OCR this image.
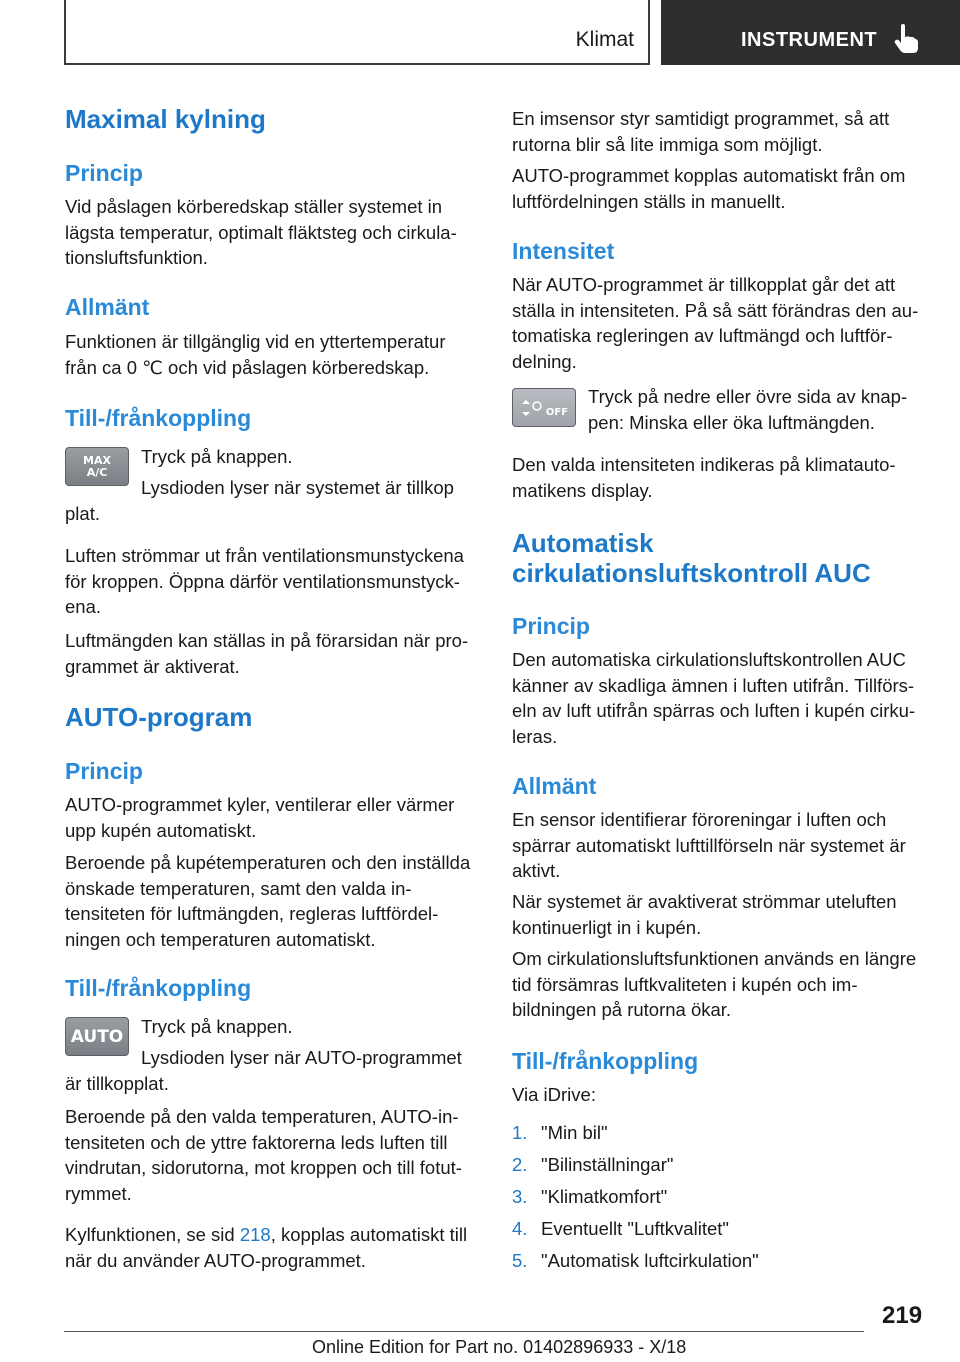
Klimat	INSTRUMENT
Maximal kylning
Princip
Vid påslagen körberedskap ställer systemet in lägsta temperatur, optimalt fläktsteg och cirkulationsluftsfunktion.
Allmänt
Funktionen är tillgänglig vid en yttertemperatur från ca 0 ℃ och vid påslagen körberedskap.
Till-/frånkoppling
MAX
A/C
Tryck på knappen.
Lysdioden lyser när systemet är tillkop
plat.
Luften strömmar ut från ventilationsmunstyckena för kroppen. Öppna därför ventilationsmunstyckena.
Luftmängden kan ställas in på förarsidan när programmet är aktiverat.
AUTO-program
Princip
AUTO-programmet kyler, ventilerar eller värmer upp kupén automatiskt.
Beroende på kupétemperaturen och den inställda önskade temperaturen, samt den valda intensiteten för luftmängden, regleras luftfördelningen och temperaturen automatiskt.
Till-/frånkoppling
AUTO Tryck på knappen.
Lysdioden lyser när AUTO-programmet
är tillkopplat.
Beroende på den valda temperaturen, AUTO-intensiteten och de yttre faktorerna leds luften till vindrutan, sidorutorna, mot kroppen och till fotutrymmet.
Kylfunktionen, se sid 218, kopplas automatiskt till när du använder AUTO-programmet.
En imsensor styr samtidigt programmet, så att rutorna blir så lite immiga som möjligt.
AUTO-programmet kopplas automatiskt från om luftfördelningen ställs in manuellt.
Intensitet
När AUTO-programmet är tillkopplat går det att ställa in intensiteten. På så sätt förändras den automatiska regleringen av luftmängd och luftfördelning.
OFF
Tryck på nedre eller övre sida av knappen: Minska eller öka luftmängden.
Den valda intensiteten indikeras på klimatautomatikens display.
Automatisk
cirkulationsluftskontroll AUC
Princip
Den automatiska cirkulationsluftskontrollen AUC känner av skadliga ämnen i luften utifrån. Tillförseln av luft utifrån spärras och luften i kupén cirkuleras.
Allmänt
En sensor identifierar föroreningar i luften och spärrar automatiskt lufttillförseln när systemet är aktivt.
När systemet är avaktiverat strömmar uteluften kontinuerligt in i kupén.
Om cirkulationsluftsfunktionen används en längre tid försämras luftkvaliteten i kupén och imbildningen på rutorna ökar.
Till-/frånkoppling
Via iDrive:
1. "Min bil"
2. "Bilinställningar"
3. "Klimatkomfort"
4. Eventuellt "Luftkvalitet"
5. "Automatisk luftcirkulation"
219
Online Edition for Part no. 01402896933 - X/18
